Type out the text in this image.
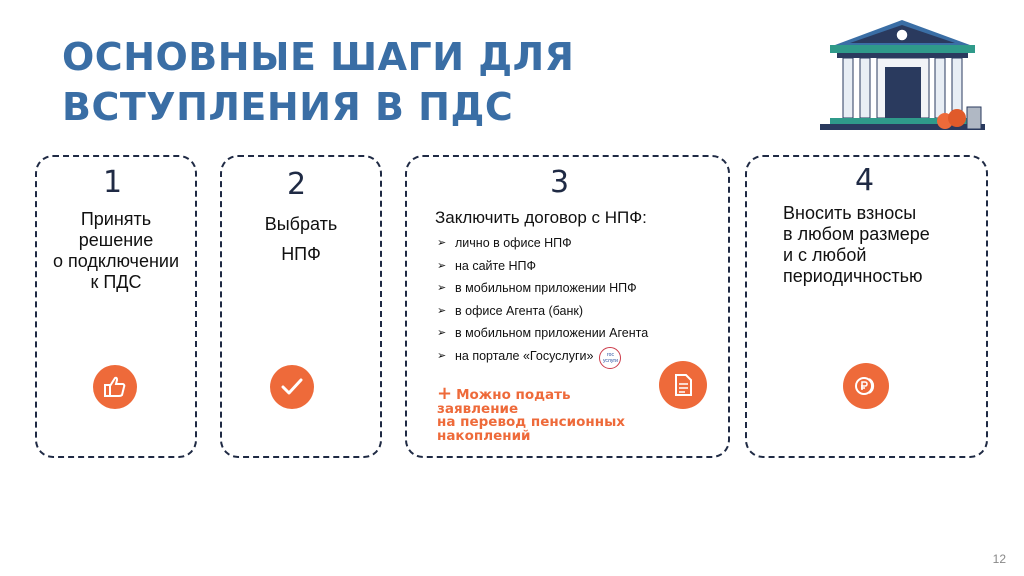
ОСНОВНЫЕ ШАГИ ДЛЯ
ВСТУПЛЕНИЯ В ПДС
1
Принять
решение
о подключении
к ПДС
2
Выбрать
НПФ
3
Заключить договор с НПФ:
➢ лично в офисе НПФ
➢ на сайте НПФ
➢ в мобильном приложении НПФ
➢ в офисе Агента (банк)
➢ в мобильном приложении Агента
➢ на портале «Госуслуги»	гос услуги
+ Можно подать
заявление
на перевод пенсионных
накоплений
4
Вносить взносы
в любом размере
и с любой
периодичностью
12
